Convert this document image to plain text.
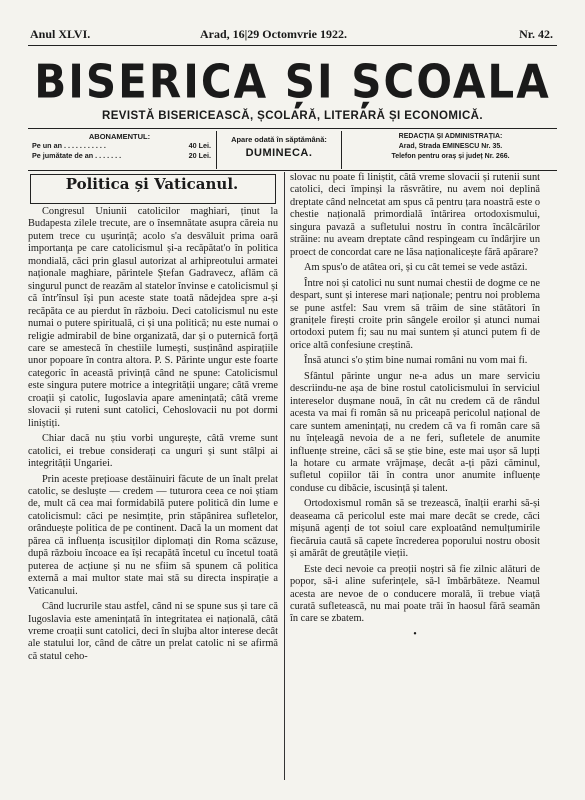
Anul XLVI.	Arad, 16|29 Octomvrie 1922.	Nr. 42.
BISERICA ȘI ȘCOALA
REVISTĂ BISERICEASCĂ, ȘCOLARĂ, LITERARĂ ȘI ECONOMICĂ.
ABONAMENTUL:
Pe un an . . . . . . . . . . .	40 Lei.
Pe jumătate de an . . . . . . .	20 Lei.
Apare odată în săptămână:
DUMINECA.
REDACȚIA ȘI ADMINISTRAȚIA:
Arad, Strada EMINESCU Nr. 35.
Telefon pentru oraș și județ Nr. 266.
Politica și Vaticanul.

Congresul Uniunii catolicilor maghiari, ținut la Budapesta zilele trecute, are o însemnătate asupra căreia nu putem trece cu ușurință; acolo s'a desvăluit prima oară importanța pe care catolicismul și-a recăpătat'o în politica mondială, căci prin glasul autorizat al arhipreotului armatei naționale maghiare, părintele Ștefan Gadravecz, aflăm că singurul punct de reazăm al statelor învinse e catolicismul și că într'însul își pun aceste state toată nădejdea spre a-și recăpăta ce au pierdut în războiu. Deci catolicismul nu este numai o putere spirituală, ci și una politică; nu este numai o religie admirabil de bine organizată, dar și o puternică forță care se amestecă în chestiile lumești, susținând aspirațiile unor popoare în contra altora. P. S. Părinte ungur este foarte categoric în această privință când ne spune: Catolicismul este singura putere motrice a integrității ungare; câtă vreme croații și catolic, Iugoslavia apare amenințată; câtă vreme slovacii și ruteni sunt catolici, Cehoslovacii nu pot dormi liniștiți.

Chiar dacă nu știu vorbi ungurește, câtă vreme sunt catolici, ei trebue considerați ca unguri și sunt stâlpi ai integrității Ungariei.

Prin aceste prețioase destăinuiri făcute de un înalt prelat catolic, se desluște — credem — tuturora ceea ce noi știam de, mult că cea mai formidabilă putere politică din lume e catolicismul: căci pe nesimțite, prin stăpânirea sufletelor, orânduește politica de pe continent. Dacă la un moment dat părea că influența iscusiților diplomați din Roma scăzuse, după războiu încoace ea își recapătă încetul cu încetul toată puterea de acțiune și nu ne sfiim să spunem că politica externă a mai multor state mai stă su directa inspirație a Vaticanului.

Când lucrurile stau astfel, când ni se spune sus și tare că Iugoslavia este amenințată în integritatea ei națională, câtă vreme croații sunt catolici, deci în slujba altor interese decât ale statului lor, când de către un prelat catolic ni se afirmă că statul ceho-

slovac nu poate fi liniștit, câtă vreme slovacii și rutenii sunt catolici, deci împinși la răsvrătire, nu avem noi deplină dreptate când nelncetat am spus că pentru țara noastră este o chestie națională primordială întărirea ortodoxismului, singura pavază a sufletului nostru în contra încălcărilor străine: nu aveam dreptate când respingeam cu îndârjire un proect de concordat care ne lăsa naționalicește fără apărare?

Am spus'o de atâtea ori, și cu cât temei se vede astăzi.

Între noi și catolici nu sunt numai chestii de dogme ce ne despart, sunt și interese mari naționale; pentru noi problema se pune astfel: Sau vrem să trăim de sine stătători în granițele firești croite prin sângele eroilor și atunci numai ortodoxi putem fi; sau nu mai suntem și atunci putem fi de orice altă confesiune creștină.

Însă atunci s'o știm bine numai români nu vom mai fi.

Sfântul părinte ungur ne-a adus un mare serviciu descriindu-ne așa de bine rostul catolicismului în serviciul intereselor dușmane nouă, în cât nu credem că de rândul acesta va mai fi român să nu priceapă pericolul național de care suntem amenințați, nu credem că va fi român care să nu înțeleagă nevoia de a ne feri, sufletele de anumite influențe streine, căci să se știe bine, este mai ușor să lupți la hotare cu armate vrăjmașe, decât a-ți păzi căminul, sufletul copiilor tăi în contra unor anumite influențe conduse cu dibăcie, iscusință și talent.

Ortodoxismul român să se trezească, înalții erarhi să-și deaseama că pericolul este mai mare decât se crede, căci mișună agenți de tot soiul care exploatând nemulțumirile fiecăruia caută să capete încrederea poporului nostru obosit și amărât de greutățile vieții.

Este deci nevoie ca preoții noștri să fie zilnic alături de popor, să-i aline suferințele, să-l îmbărbăteze. Neamul acesta are nevoe de o conducere morală, îi trebue viață curată sufletească, nu mai poate trăi în haosul fără seamăn în care se zbatem.

•
